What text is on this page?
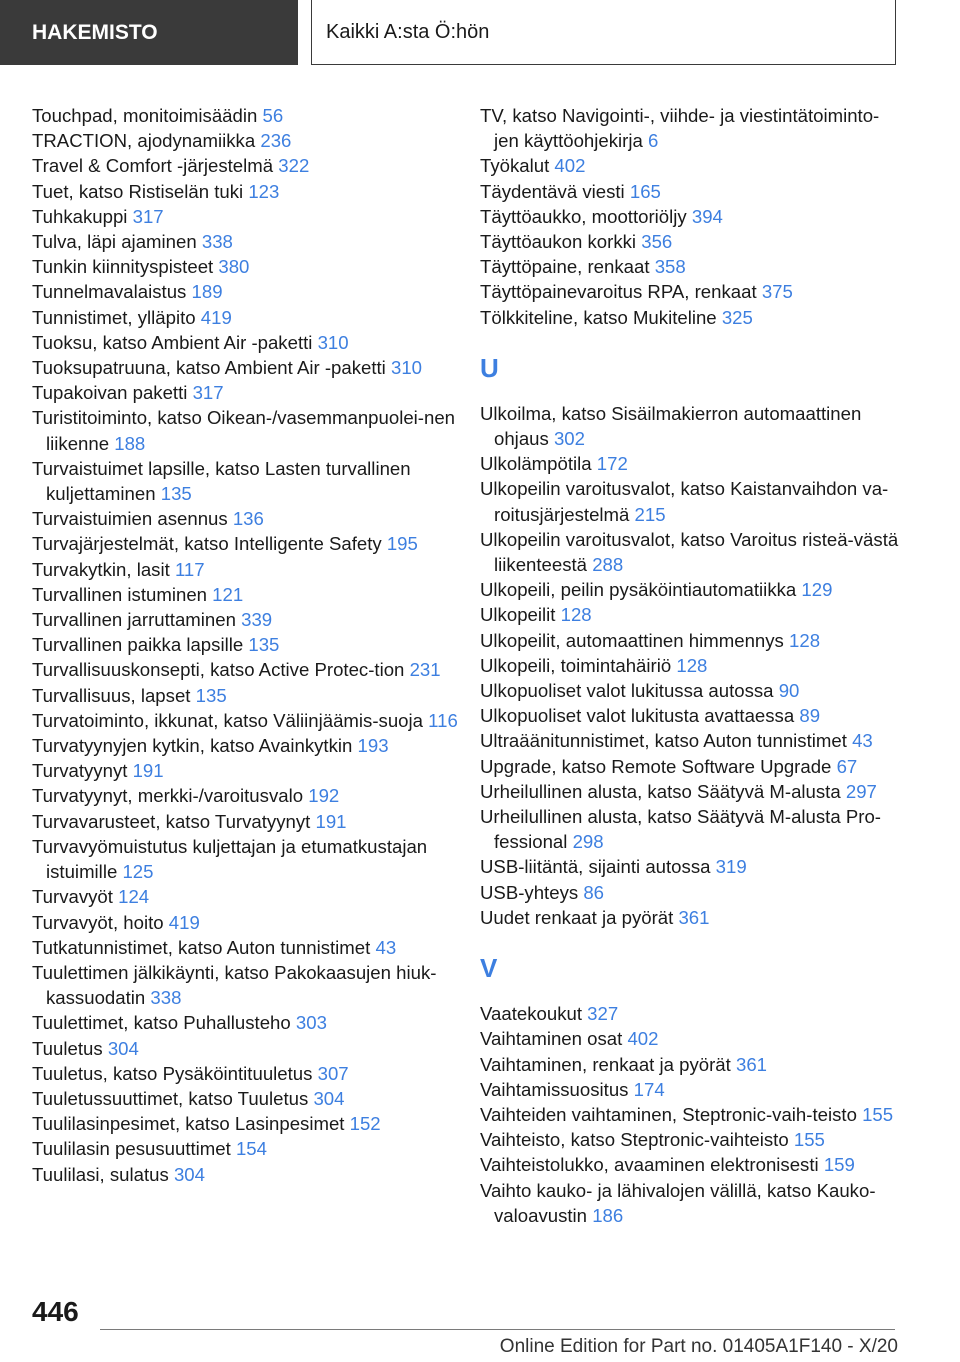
HAKEMISTO	Kaikki A:sta Ö:hön
Touchpad, monitoimisäädin 56
TRACTION, ajodynamiikka 236
Travel & Comfort -järjestelmä 322
Tuet, katso Ristiselän tuki 123
Tuhkakuppi 317
Tulva, läpi ajaminen 338
Tunkin kiinnityspisteet 380
Tunnelmavalaistus 189
Tunnistimet, ylläpito 419
Tuoksu, katso Ambient Air -paketti 310
Tuoksupatruuna, katso Ambient Air -paketti 310
Tupakoivan paketti 317
Turistitoiminto, katso Oikean-/vasemmanpuolei-nen liikenne 188
Turvaistuimet lapsille, katso Lasten turvallinen kuljettaminen 135
Turvaistuimien asennus 136
Turvajärjestelmät, katso Intelligente Safety 195
Turvakytkin, lasit 117
Turvallinen istuminen 121
Turvallinen jarruttaminen 339
Turvallinen paikka lapsille 135
Turvallisuuskonsepti, katso Active Protec-tion 231
Turvallisuus, lapset 135
Turvatoiminto, ikkunat, katso Väliinjäämis-suoja 116
Turvatyynyjen kytkin, katso Avainkytkin 193
Turvatyynyt 191
Turvatyynyt, merkki-/varoitusvalo 192
Turvavarusteet, katso Turvatyynyt 191
Turvavyömuistutus kuljettajan ja etumatkustajan istuimille 125
Turvavyöt 124
Turvavyöt, hoito 419
Tutkatunnistimet, katso Auton tunnistimet 43
Tuulettimen jälkikäynti, katso Pakokaasujen hiuk-kassuodatin 338
Tuulettimet, katso Puhallusteho 303
Tuuletus 304
Tuuletus, katso Pysäköintituuletus 307
Tuuletussuuttimet, katso Tuuletus 304
Tuulilasinpesimet, katso Lasinpesimet 152
Tuulilasin pesusuuttimet 154
Tuulilasi, sulatus 304
TV, katso Navigointi-, viihde- ja viestintätoiminto-jen käyttöohjekirja 6
Työkalut 402
Täydentävä viesti 165
Täyttöaukko, moottoriöljy 394
Täyttöaukon korkki 356
Täyttöpaine, renkaat 358
Täyttöpainevaroitus RPA, renkaat 375
Tölkkiteline, katso Mukiteline 325
U
Ulkoilma, katso Sisäilmakierron automaattinen ohjaus 302
Ulkolämpötila 172
Ulkopeilin varoitusvalot, katso Kaistanvaihdon va-roitusjärjestelmä 215
Ulkopeilin varoitusvalot, katso Varoitus risteä-västä liikenteestä 288
Ulkopeili, peilin pysäköintiautomatiikka 129
Ulkopeilit 128
Ulkopeilit, automaattinen himmennys 128
Ulkopeili, toimintahäiriö 128
Ulkopuoliset valot lukitussa autossa 90
Ulkopuoliset valot lukitusta avattaessa 89
Ultraäänitunnistimet, katso Auton tunnistimet 43
Upgrade, katso Remote Software Upgrade 67
Urheilullinen alusta, katso Säätyvä M-alusta 297
Urheilullinen alusta, katso Säätyvä M-alusta Pro-fessional 298
USB-liitäntä, sijainti autossa 319
USB-yhteys 86
Uudet renkaat ja pyörät 361
V
Vaatekoukut 327
Vaihtaminen osat 402
Vaihtaminen, renkaat ja pyörät 361
Vaihtamissuositus 174
Vaihteiden vaihtaminen, Steptronic-vaih-teisto 155
Vaihteisto, katso Steptronic-vaihteisto 155
Vaihteistolukko, avaaminen elektronisesti 159
Vaihto kauko- ja lähivalojen välillä, katso Kauko-valoavustin 186
446
Online Edition for Part no. 01405A1F140 - X/20
